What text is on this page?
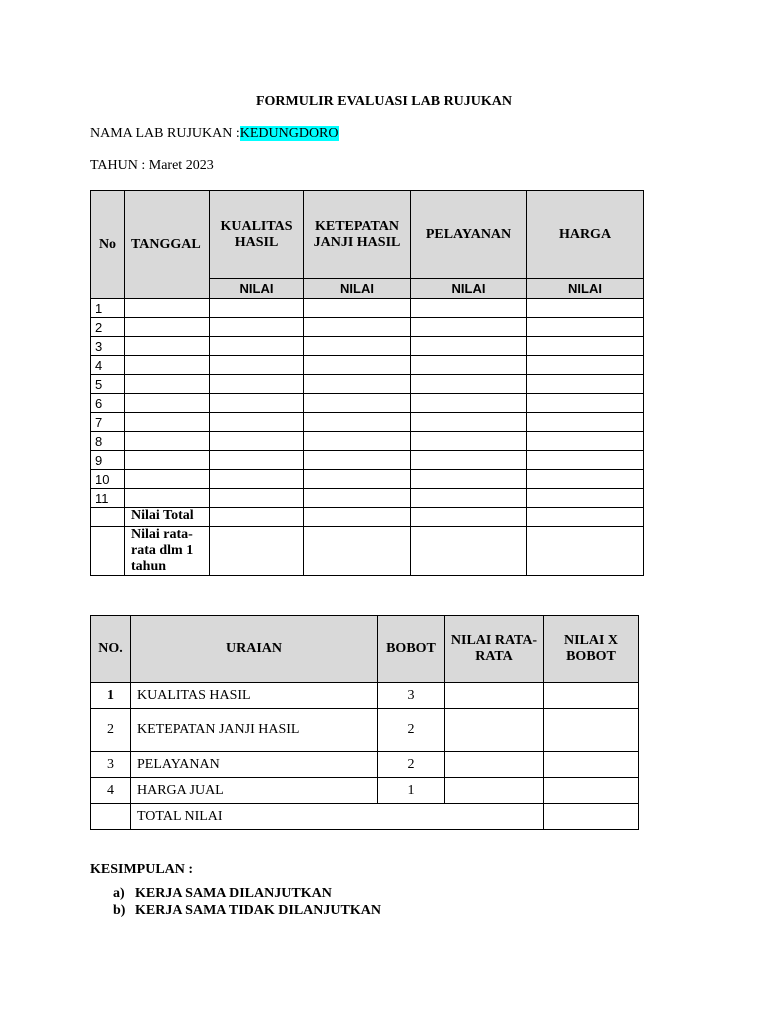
FORMULIR EVALUASI LAB RUJUKAN
NAMA LAB RUJUKAN :KEDUNGDORO
TAHUN : Maret 2023
No	TANGGAL	KUALITAS HASIL	KETEPATAN JANJI HASIL	PELAYANAN	HARGA
		NILAI	NILAI	NILAI	NILAI
1					
2					
3					
4					
5					
6					
7					
8					
9					
10					
11					
	Nilai Total				
	Nilai rata-rata dlm 1 tahun				
NO.	URAIAN	BOBOT	NILAI RATA-RATA	NILAI X BOBOT
1	KUALITAS HASIL	3		
2	KETEPATAN JANJI HASIL	2		
3	PELAYANAN	2		
4	HARGA JUAL	1		
	TOTAL NILAI			
KESIMPULAN :
a) KERJA SAMA DILANJUTKAN
b) KERJA SAMA TIDAK DILANJUTKAN
